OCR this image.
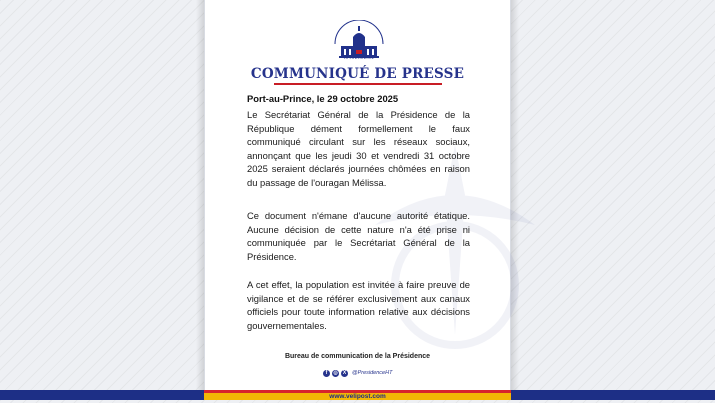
LA PRÉSIDENCE
COMMUNIQUÉ DE PRESSE
Port-au-Prince, le 29 octobre 2025

Le Secrétariat Général de la Présidence de la République dément formellement le faux communiqué circulant sur les réseaux sociaux, annonçant que les jeudi 30 et vendredi 31 octobre 2025 seraient déclarés journées chômées en raison du passage de l'ouragan Mélissa.

Ce document n'émane d'aucune autorité étatique. Aucune décision de cette nature n'a été prise ni communiquée par le Secrétariat Général de la Présidence.

A cet effet, la population est invitée à faire preuve de vigilance et de se référer exclusivement aux canaux officiels pour toute information relative aux décisions gouvernementales.

Bureau de communication de la Présidence
f	◎	X	@PresidenceHT
www.velipost.com
